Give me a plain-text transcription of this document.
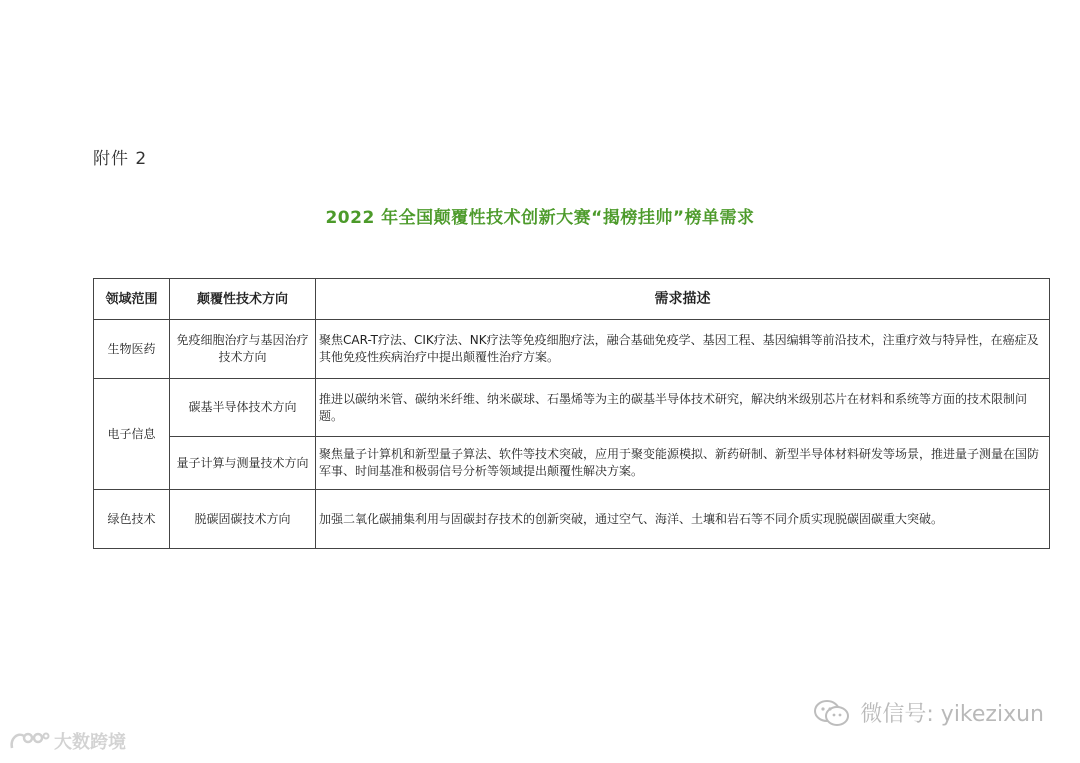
附件 2
2022 年全国颠覆性技术创新大赛“揭榜挂帅”榜单需求
领域范围	颠覆性技术方向	需求描述
生物医药	免疫细胞治疗与基因治疗技术方向	聚焦CAR-T疗法、CIK疗法、NK疗法等免疫细胞疗法，融合基础免疫学、基因工程、基因编辑等前沿技术，注重疗效与特异性，在癌症及其他免疫性疾病治疗中提出颠覆性治疗方案。
电子信息	碳基半导体技术方向	推进以碳纳米管、碳纳米纤维、纳米碳球、石墨烯等为主的碳基半导体技术研究，解决纳米级别芯片在材料和系统等方面的技术限制问题。
	量子计算与测量技术方向	聚焦量子计算机和新型量子算法、软件等技术突破，应用于聚变能源模拟、新药研制、新型半导体材料研发等场景，推进量子测量在国防军事、时间基准和极弱信号分析等领域提出颠覆性解决方案。
绿色技术	脱碳固碳技术方向	加强二氧化碳捕集利用与固碳封存技术的创新突破，通过空气、海洋、土壤和岩石等不同介质实现脱碳固碳重大突破。
微信号: yikezixun
大数跨境
